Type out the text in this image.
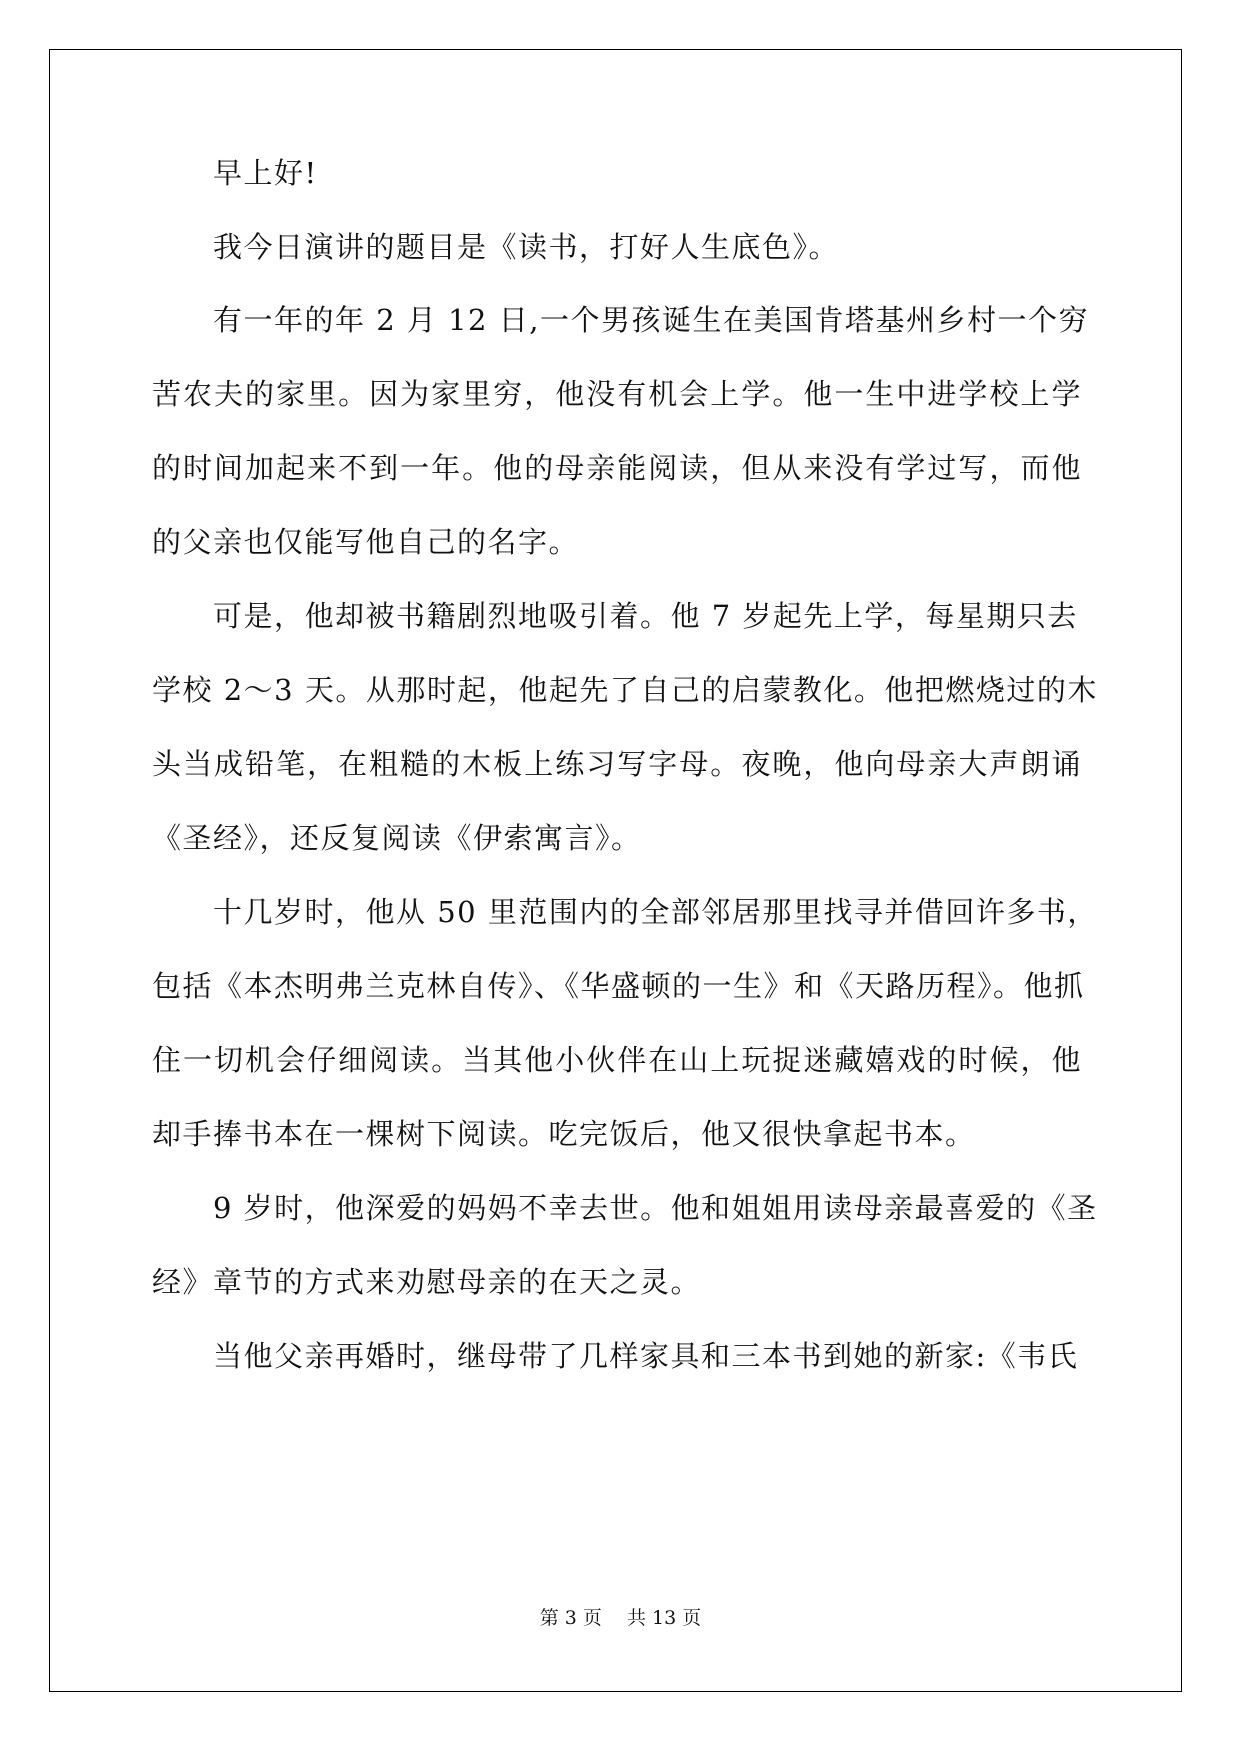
早上好!
我今日演讲的题目是《读书，打好人生底色》。
有一年的年 2 月 12 日,一个男孩诞生在美国肯塔基州乡村一个穷
苦农夫的家里。因为家里穷，他没有机会上学。他一生中进学校上学
的时间加起来不到一年。他的母亲能阅读，但从来没有学过写，而他
的父亲也仅能写他自己的名字。
可是，他却被书籍剧烈地吸引着。他 7 岁起先上学，每星期只去
学校 2～3 天。从那时起，他起先了自己的启蒙教化。他把燃烧过的木
头当成铅笔，在粗糙的木板上练习写字母。夜晚，他向母亲大声朗诵
《圣经》，还反复阅读《伊索寓言》。
十几岁时，他从 50 里范围内的全部邻居那里找寻并借回许多书，
包括《本杰明弗兰克林自传》、《华盛顿的一生》和《天路历程》。他抓
住一切机会仔细阅读。当其他小伙伴在山上玩捉迷藏嬉戏的时候，他
却手捧书本在一棵树下阅读。吃完饭后，他又很快拿起书本。
9 岁时，他深爱的妈妈不幸去世。他和姐姐用读母亲最喜爱的《圣
经》章节的方式来劝慰母亲的在天之灵。
当他父亲再婚时，继母带了几样家具和三本书到她的新家:《韦氏
第 3 页　 共 13 页
